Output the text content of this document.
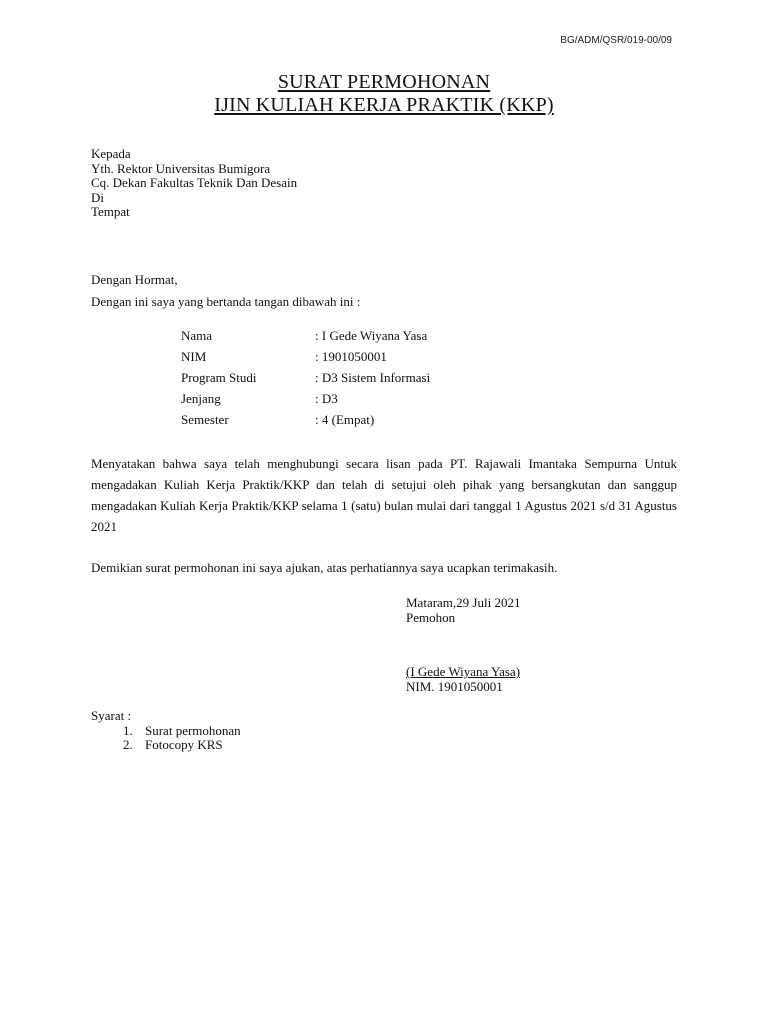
BG/ADM/QSR/019-00/09
SURAT PERMOHONAN
IJIN KULIAH KERJA PRAKTIK (KKP)
Kepada
Yth. Rektor Universitas Bumigora
Cq. Dekan Fakultas Teknik Dan Desain
Di
Tempat
Dengan Hormat,
Dengan ini saya yang bertanda tangan dibawah ini :
Nama	: I Gede Wiyana Yasa
NIM	: 1901050001
Program Studi	: D3 Sistem Informasi
Jenjang	: D3
Semester	: 4 (Empat)
Menyatakan bahwa saya telah menghubungi secara lisan pada PT. Rajawali Imantaka Sempurna Untuk mengadakan Kuliah Kerja Praktik/KKP dan telah di setujui oleh pihak yang bersangkutan dan sanggup mengadakan Kuliah Kerja Praktik/KKP selama 1 (satu) bulan mulai dari tanggal 1 Agustus 2021 s/d 31 Agustus 2021
Demikian surat permohonan ini saya ajukan, atas perhatiannya saya ucapkan terimakasih.
Mataram,29 Juli 2021
Pemohon
(I Gede Wiyana Yasa)
NIM. 1901050001
Syarat :
1. Surat permohonan
2. Fotocopy KRS
